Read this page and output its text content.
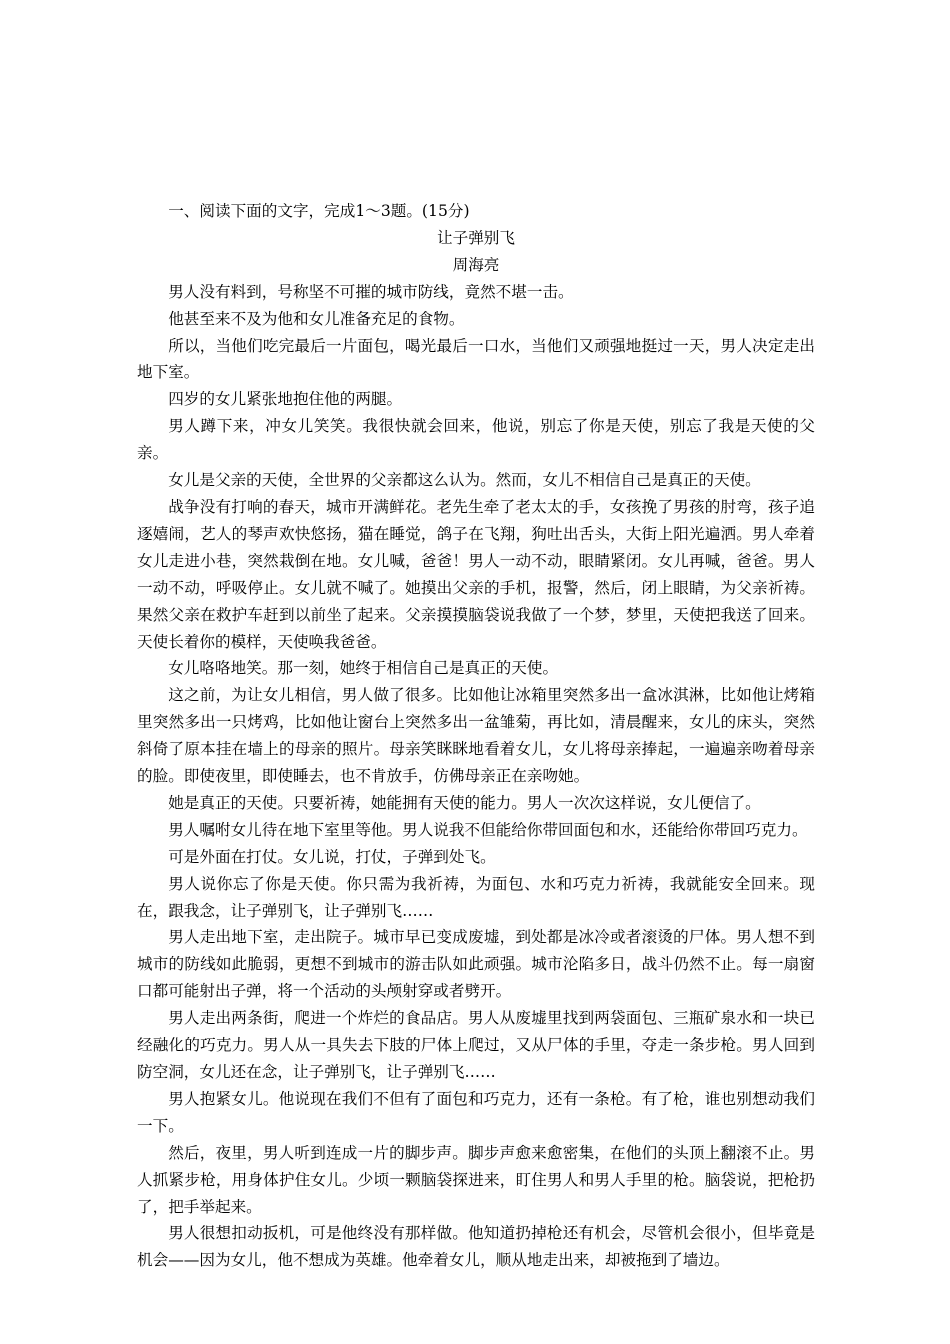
一、阅读下面的文字，完成1～3题。(15分)

让子弹别飞

周海亮

男人没有料到，号称坚不可摧的城市防线，竟然不堪一击。

他甚至来不及为他和女儿准备充足的食物。

所以，当他们吃完最后一片面包，喝光最后一口水，当他们又顽强地挺过一天，男人决定走出地下室。

四岁的女儿紧张地抱住他的两腿。

男人蹲下来，冲女儿笑笑。我很快就会回来，他说，别忘了你是天使，别忘了我是天使的父亲。

女儿是父亲的天使，全世界的父亲都这么认为。然而，女儿不相信自己是真正的天使。

战争没有打响的春天，城市开满鲜花。老先生牵了老太太的手，女孩挽了男孩的肘弯，孩子追逐嬉闹，艺人的琴声欢快悠扬，猫在睡觉，鸽子在飞翔，狗吐出舌头，大街上阳光遍洒。男人牵着女儿走进小巷，突然栽倒在地。女儿喊，爸爸！男人一动不动，眼睛紧闭。女儿再喊，爸爸。男人一动不动，呼吸停止。女儿就不喊了。她摸出父亲的手机，报警，然后，闭上眼睛，为父亲祈祷。果然父亲在救护车赶到以前坐了起来。父亲摸摸脑袋说我做了一个梦，梦里，天使把我送了回来。天使长着你的模样，天使唤我爸爸。

女儿咯咯地笑。那一刻，她终于相信自己是真正的天使。

这之前，为让女儿相信，男人做了很多。比如他让冰箱里突然多出一盒冰淇淋，比如他让烤箱里突然多出一只烤鸡，比如他让窗台上突然多出一盆雏菊，再比如，清晨醒来，女儿的床头，突然斜倚了原本挂在墙上的母亲的照片。母亲笑眯眯地看着女儿，女儿将母亲捧起，一遍遍亲吻着母亲的脸。即使夜里，即使睡去，也不肯放手，仿佛母亲正在亲吻她。

她是真正的天使。只要祈祷，她能拥有天使的能力。男人一次次这样说，女儿便信了。

男人嘱咐女儿待在地下室里等他。男人说我不但能给你带回面包和水，还能给你带回巧克力。

可是外面在打仗。女儿说，打仗，子弹到处飞。

男人说你忘了你是天使。你只需为我祈祷，为面包、水和巧克力祈祷，我就能安全回来。现在，跟我念，让子弹别飞，让子弹别飞……

男人走出地下室，走出院子。城市早已变成废墟，到处都是冰冷或者滚烫的尸体。男人想不到城市的防线如此脆弱，更想不到城市的游击队如此顽强。城市沦陷多日，战斗仍然不止。每一扇窗口都可能射出子弹，将一个活动的头颅射穿或者劈开。

男人走出两条街，爬进一个炸烂的食品店。男人从废墟里找到两袋面包、三瓶矿泉水和一块已经融化的巧克力。男人从一具失去下肢的尸体上爬过，又从尸体的手里，夺走一条步枪。男人回到防空洞，女儿还在念，让子弹别飞，让子弹别飞……

男人抱紧女儿。他说现在我们不但有了面包和巧克力，还有一条枪。有了枪，谁也别想动我们一下。

然后，夜里，男人听到连成一片的脚步声。脚步声愈来愈密集，在他们的头顶上翻滚不止。男人抓紧步枪，用身体护住女儿。少顷一颗脑袋探进来，盯住男人和男人手里的枪。脑袋说，把枪扔了，把手举起来。

男人很想扣动扳机，可是他终没有那样做。他知道扔掉枪还有机会，尽管机会很小，但毕竟是机会——因为女儿，他不想成为英雄。他牵着女儿，顺从地走出来，却被拖到了墙边。
